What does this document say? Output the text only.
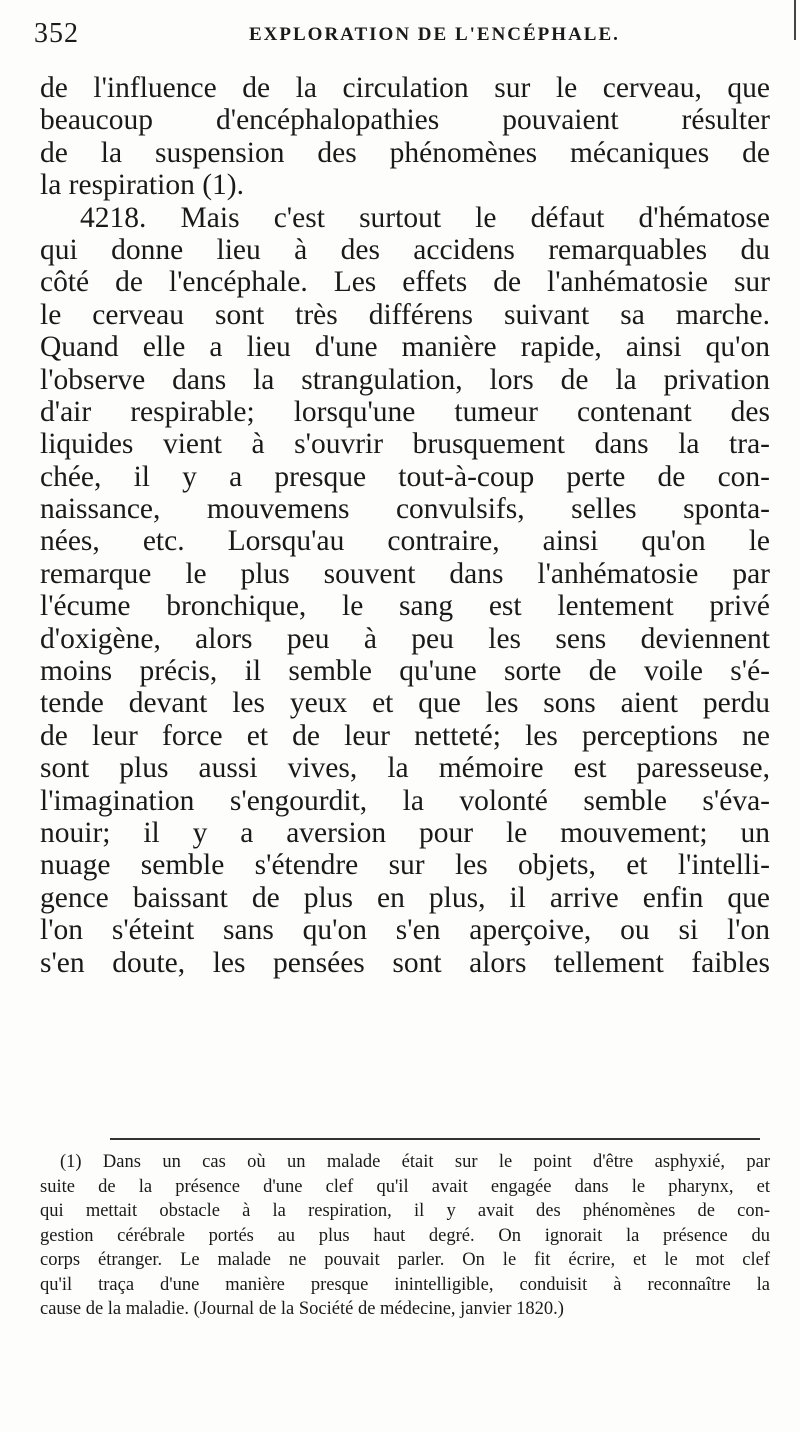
352	EXPLORATION DE L'ENCÉPHALE.
de l'influence de la circulation sur le cerveau, que
beaucoup d'encéphalopathies pouvaient résulter
de la suspension des phénomènes mécaniques de
la respiration (1).
4218. Mais c'est surtout le défaut d'hématose
qui donne lieu à des accidens remarquables du
côté de l'encéphale. Les effets de l'anhématosie sur
le cerveau sont très différens suivant sa marche.
Quand elle a lieu d'une manière rapide, ainsi qu'on
l'observe dans la strangulation, lors de la privation
d'air respirable; lorsqu'une tumeur contenant des
liquides vient à s'ouvrir brusquement dans la tra-
chée, il y a presque tout-à-coup perte de con-
naissance, mouvemens convulsifs, selles sponta-
nées, etc. Lorsqu'au contraire, ainsi qu'on le
remarque le plus souvent dans l'anhématosie par
l'écume bronchique, le sang est lentement privé
d'oxigène, alors peu à peu les sens deviennent
moins précis, il semble qu'une sorte de voile s'é-
tende devant les yeux et que les sons aient perdu
de leur force et de leur netteté; les perceptions ne
sont plus aussi vives, la mémoire est paresseuse,
l'imagination s'engourdit, la volonté semble s'éva-
nouir; il y a aversion pour le mouvement; un
nuage semble s'étendre sur les objets, et l'intelli-
gence baissant de plus en plus, il arrive enfin que
l'on s'éteint sans qu'on s'en aperçoive, ou si l'on
s'en doute, les pensées sont alors tellement faibles
(1) Dans un cas où un malade était sur le point d'être asphyxié, par
suite de la présence d'une clef qu'il avait engagée dans le pharynx, et
qui mettait obstacle à la respiration, il y avait des phénomènes de con-
gestion cérébrale portés au plus haut degré. On ignorait la présence du
corps étranger. Le malade ne pouvait parler. On le fit écrire, et le mot clef
qu'il traça d'une manière presque inintelligible, conduisit à reconnaître la
cause de la maladie. (Journal de la Société de médecine, janvier 1820.)
